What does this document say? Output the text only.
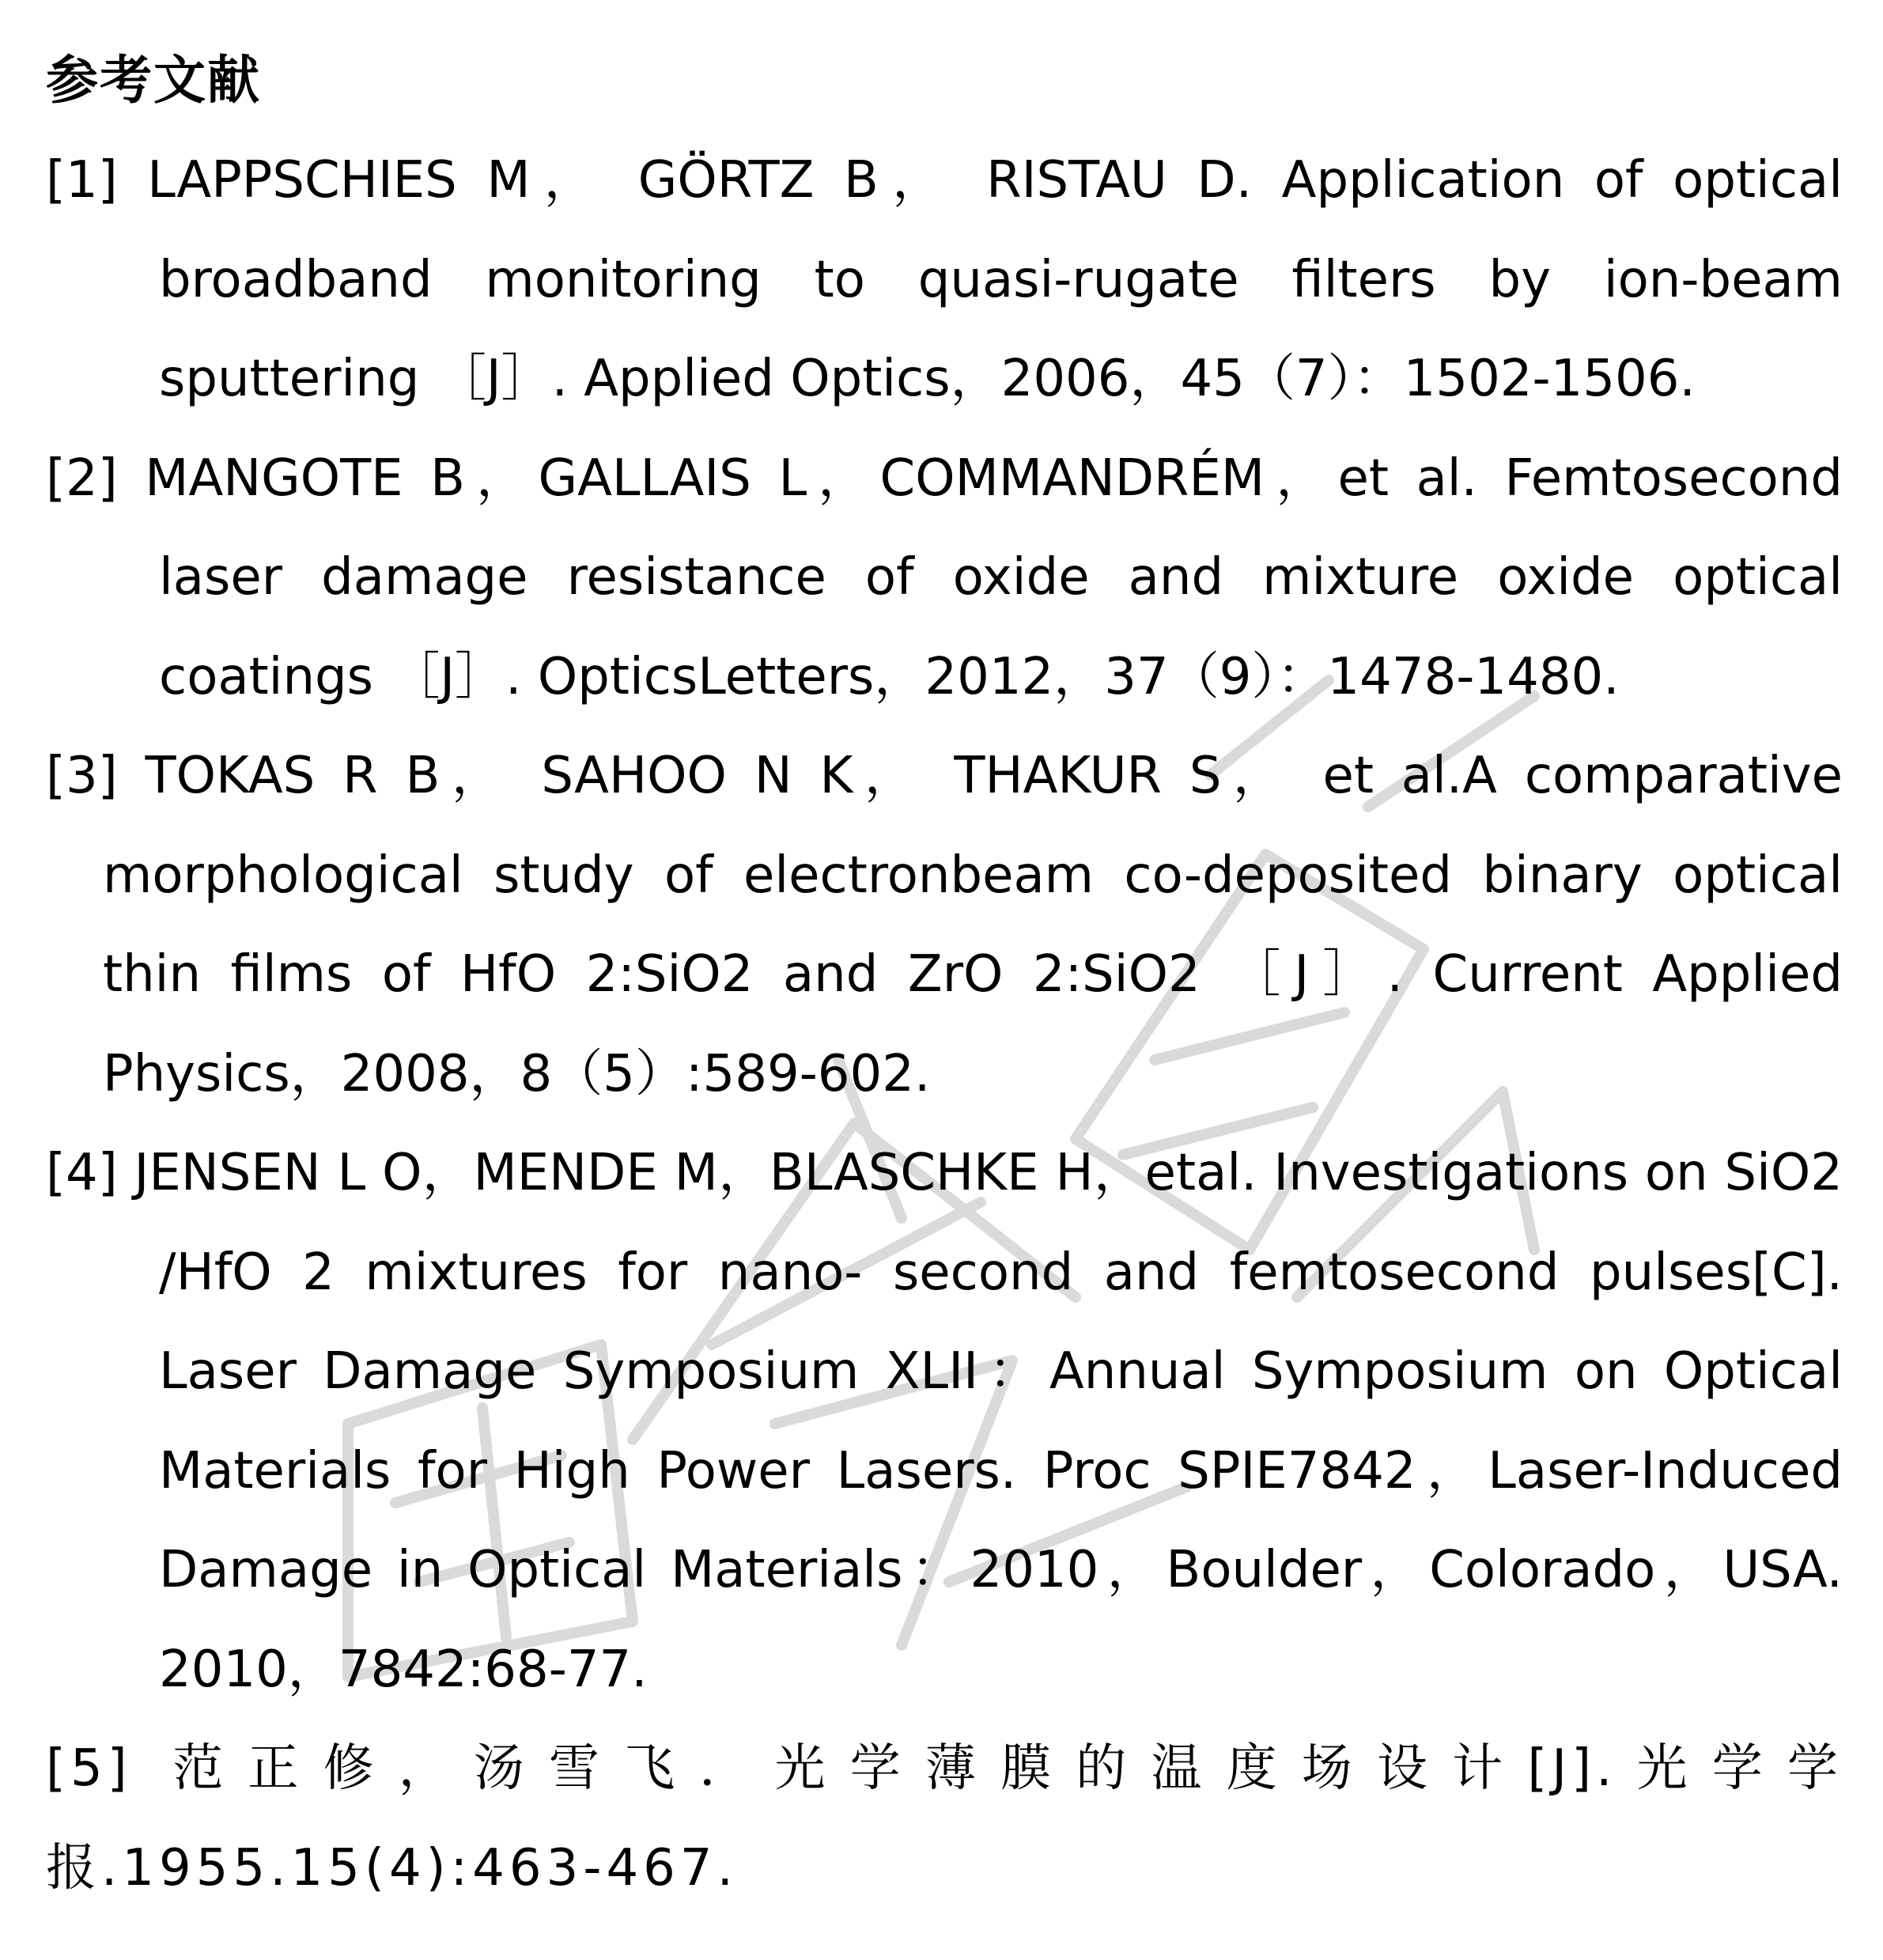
参考文献

[1] LAPPSCHIES M， GÖRTZ B， RISTAU D. Application of optical broadband monitoring to quasi-rugate filters by ion-beam sputtering ［J］. Applied Optics，2006，45（7）：1502-1506.

[2] MANGOTE B，GALLAIS L，COMMANDRÉM，et al. Femtosecond laser damage resistance of oxide and mixture oxide optical coatings ［J］. OpticsLetters，2012，37（9）：1478-1480.

[3] TOKAS R B， SAHOO N K， THAKUR S， et al.A comparative morphological study of electronbeam co-deposited binary optical thin films of HfO 2:SiO2 and ZrO 2:SiO2 ［J］. Current Applied Physics，2008，8（5）:589-602.

[4] JENSEN L O，MENDE M，BLASCHKE H，etal. Investigations on SiO2 /HfO 2 mixtures for nano‐ second and femtosecond pulses[C]. Laser Damage Symposium XLII：Annual Symposium on Optical Materials for High Power Lasers. Proc SPIE7842，Laser-Induced Damage in Optical Materials：2010，Boulder，Colorado，USA. 2010，7842:68-77.

[5] 范正修，汤雪飞．光学薄膜的温度场设计[J].光学学报.1955.15(4):463-467.
